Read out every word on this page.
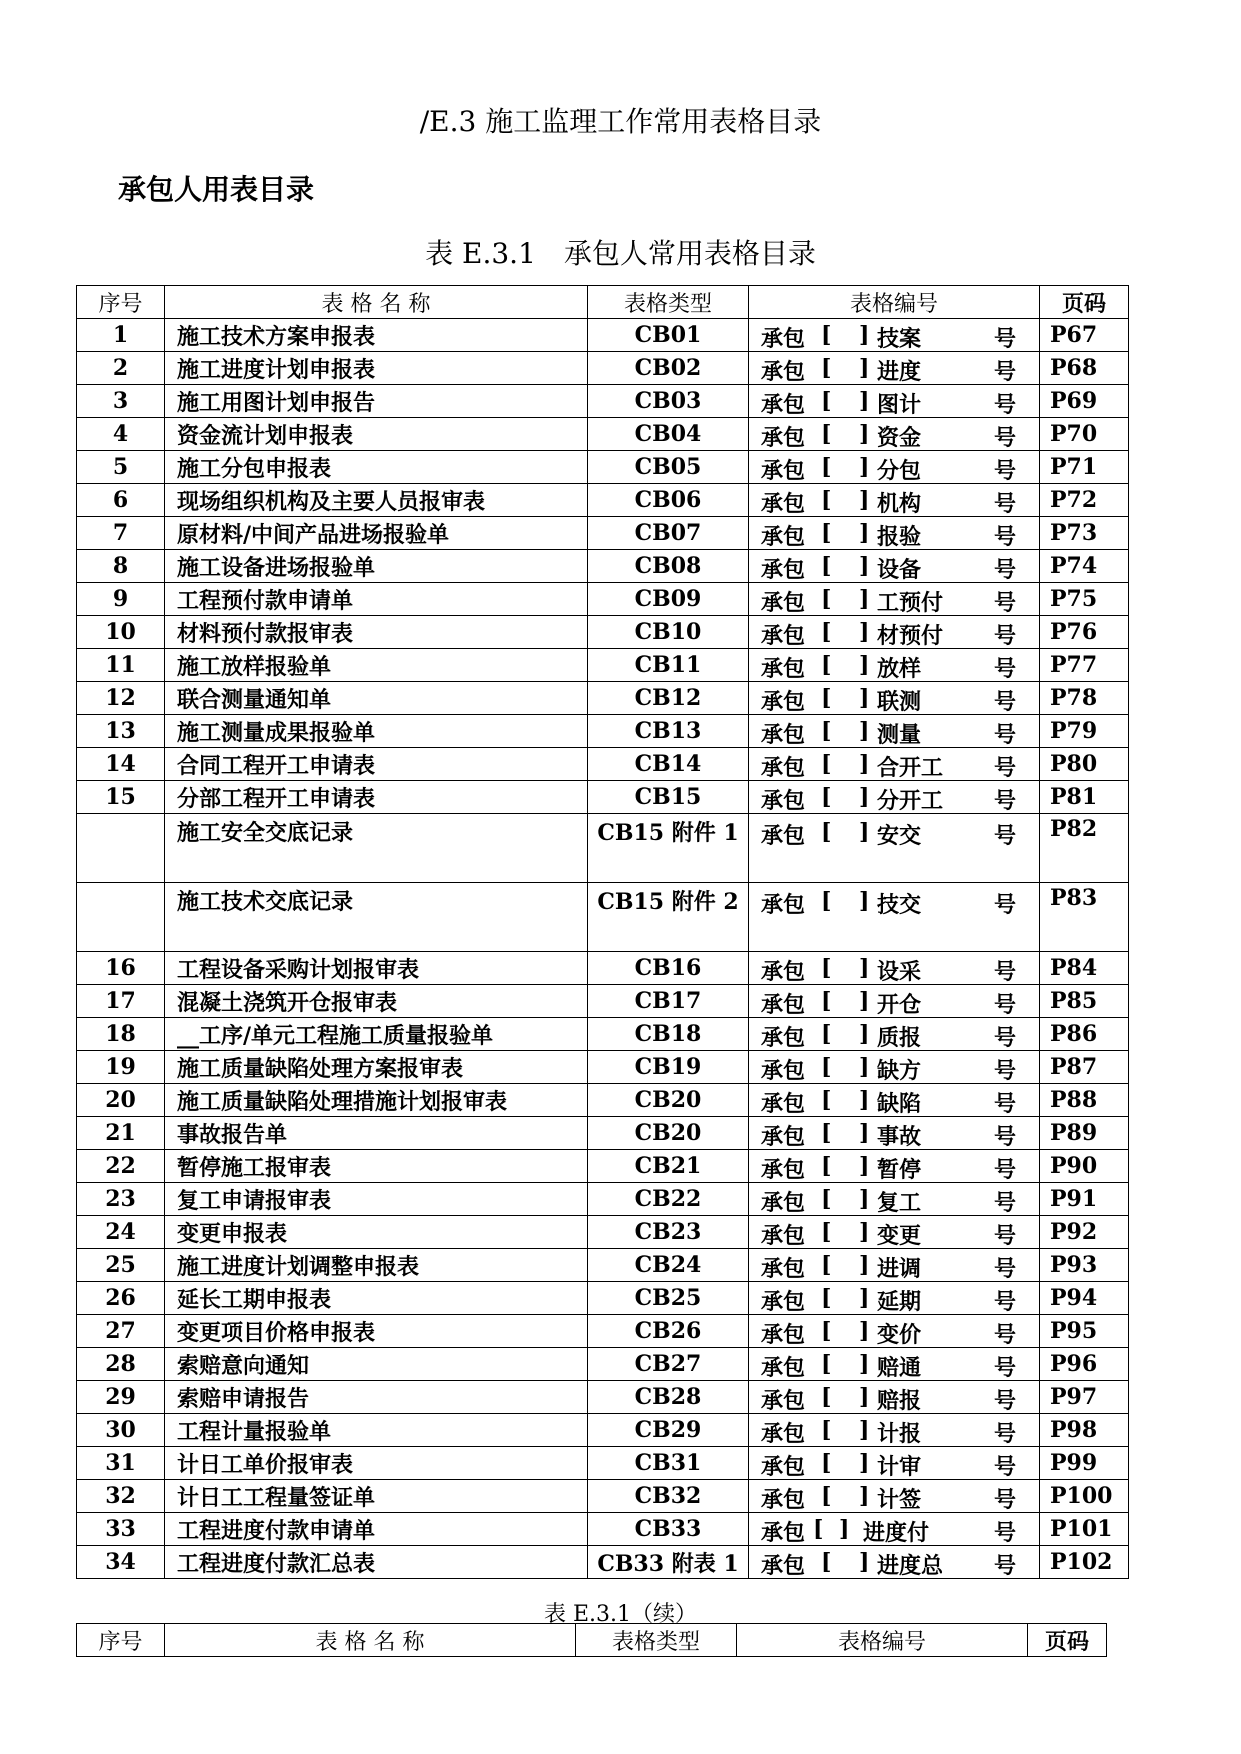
/E.3 施工监理工作常用表格目录
承包人用表目录
表 E.3.1　承包人常用表格目录
序号	表 格 名 称	表格类型	表格编号	页码
1	施工技术方案申报表	CB01	承包 [ ] 技案 号	P67
2	施工进度计划申报表	CB02	承包 [ ] 进度 号	P68
3	施工用图计划申报告	CB03	承包 [ ] 图计 号	P69
4	资金流计划申报表	CB04	承包 [ ] 资金 号	P70
5	施工分包申报表	CB05	承包 [ ] 分包 号	P71
6	现场组织机构及主要人员报审表	CB06	承包 [ ] 机构 号	P72
7	原材料/中间产品进场报验单	CB07	承包 [ ] 报验 号	P73
8	施工设备进场报验单	CB08	承包 [ ] 设备 号	P74
9	工程预付款申请单	CB09	承包 [ ] 工预付 号	P75
10	材料预付款报审表	CB10	承包 [ ] 材预付 号	P76
11	施工放样报验单	CB11	承包 [ ] 放样 号	P77
12	联合测量通知单	CB12	承包 [ ] 联测 号	P78
13	施工测量成果报验单	CB13	承包 [ ] 测量 号	P79
14	合同工程开工申请表	CB14	承包 [ ] 合开工 号	P80
15	分部工程开工申请表	CB15	承包 [ ] 分开工 号	P81
	施工安全交底记录	CB15 附件 1	承包 [ ] 安交 号	P82
	施工技术交底记录	CB15 附件 2	承包 [ ] 技交 号	P83
16	工程设备采购计划报审表	CB16	承包 [ ] 设采 号	P84
17	混凝土浇筑开仓报审表	CB17	承包 [ ] 开仓 号	P85
18	__工序/单元工程施工质量报验单	CB18	承包 [ ] 质报 号	P86
19	施工质量缺陷处理方案报审表	CB19	承包 [ ] 缺方 号	P87
20	施工质量缺陷处理措施计划报审表	CB20	承包 [ ] 缺陷 号	P88
21	事故报告单	CB20	承包 [ ] 事故 号	P89
22	暂停施工报审表	CB21	承包 [ ] 暂停 号	P90
23	复工申请报审表	CB22	承包 [ ] 复工 号	P91
24	变更申报表	CB23	承包 [ ] 变更 号	P92
25	施工进度计划调整申报表	CB24	承包 [ ] 进调 号	P93
26	延长工期申报表	CB25	承包 [ ] 延期 号	P94
27	变更项目价格申报表	CB26	承包 [ ] 变价 号	P95
28	索赔意向通知	CB27	承包 [ ] 赔通 号	P96
29	索赔申请报告	CB28	承包 [ ] 赔报 号	P97
30	工程计量报验单	CB29	承包 [ ] 计报 号	P98
31	计日工单价报审表	CB31	承包 [ ] 计审 号	P99
32	计日工工程量签证单	CB32	承包 [ ] 计签 号	P100
33	工程进度付款申请单	CB33	承包 [ ] 进度付 号	P101
34	工程进度付款汇总表	CB33 附表 1	承包 [ ] 进度总 号	P102
表 E.3.1（续）
序号	表 格 名 称	表格类型	表格编号	页码
